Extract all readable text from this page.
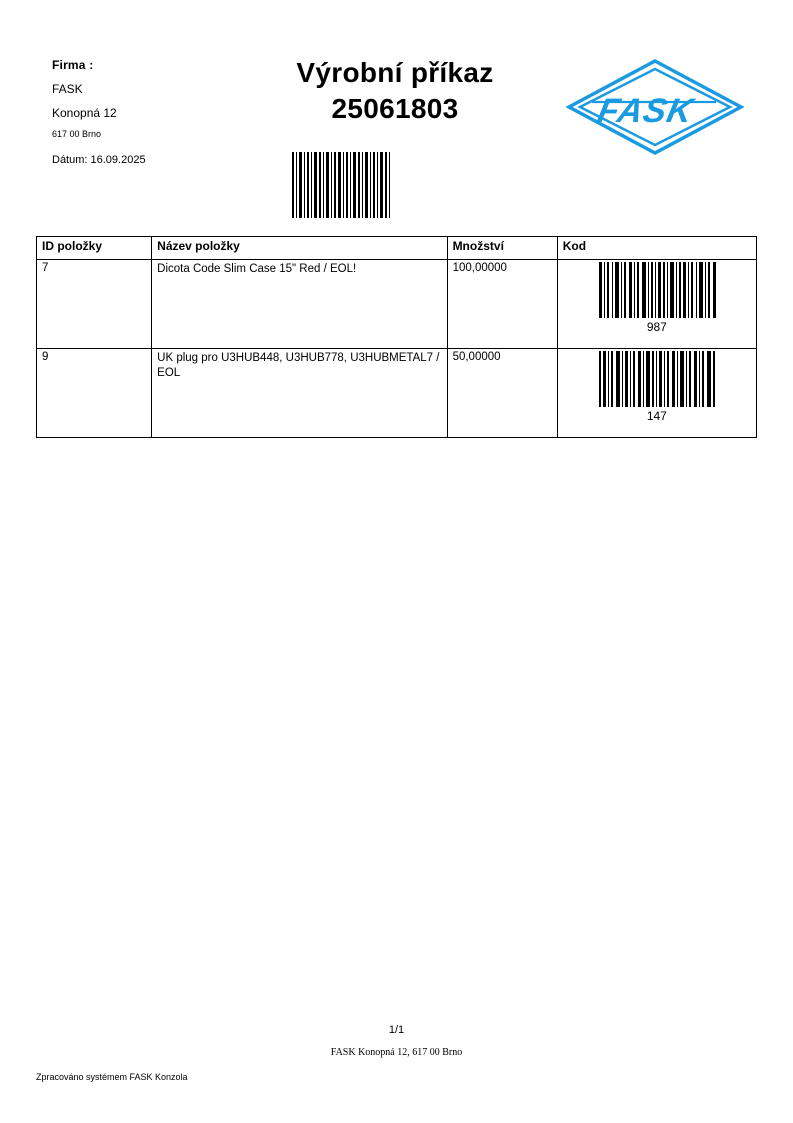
Firma :
FASK
Konopná 12
617 00 Brno
Dátum: 16.09.2025
Výrobní příkaz
25061803	FASK
ID položky	Název položky	Množství	Kod
7	Dicota Code Slim Case 15" Red / EOL!	100,00000	987

9	UK plug pro U3HUB448, U3HUB778, U3HUBMETAL7 / EOL	50,00000	147
1/1
FASK Konopná 12, 617 00 Brno
Zpracováno systémem FASK Konzola
